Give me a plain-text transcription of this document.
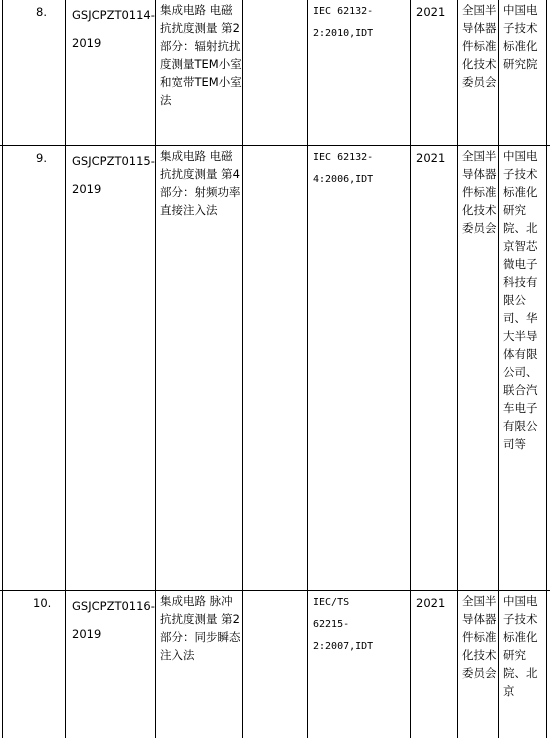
8. GSJCPZT0114-
2019
集成电路 电磁抗扰度测量 第2部分：辐射抗扰度测量TEM小室和宽带TEM小室法
IEC 62132-
2:2010,IDT
2021 全国半导体器件标准化技术委员会
中国电子技术标准化研究院
9. GSJCPZT0115-
2019
集成电路 电磁抗扰度测量 第4部分：射频功率直接注入法
IEC 62132-
4:2006,IDT
2021 全国半导体器件标准化技术委员会
中国电子技术标准化研究院、北京智芯微电子科技有限公司、华大半导体有限公司、联合汽车电子有限公司等
10. GSJCPZT0116-
2019
集成电路 脉冲抗扰度测量 第2部分：同步瞬态注入法
IEC/TS
62215-
2:2007,IDT
2021 全国半导体器件标准化技术委员会
中国电子技术标准化研究院、北京
